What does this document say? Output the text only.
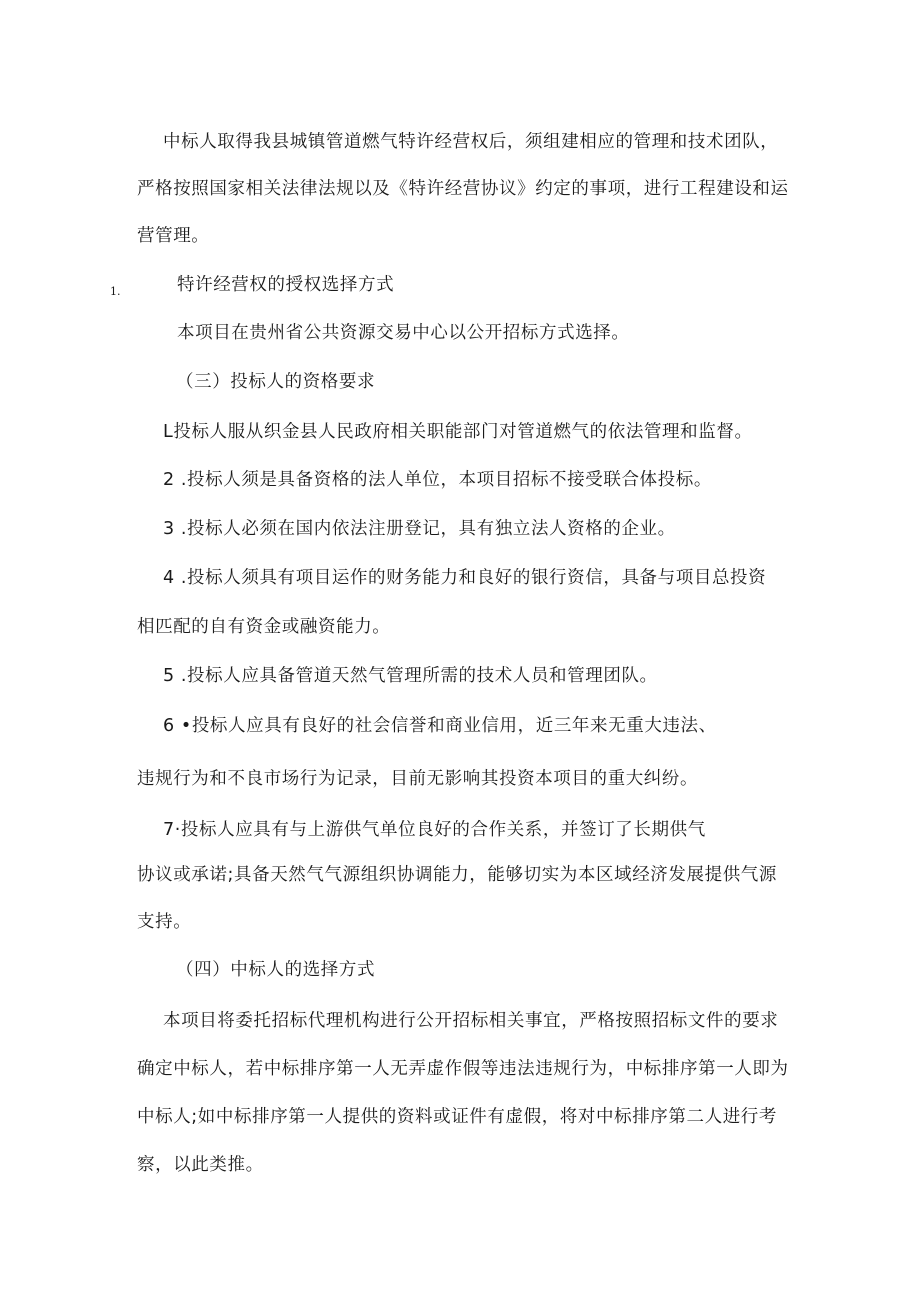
中标人取得我县城镇管道燃气特许经营权后，须组建相应的管理和技术团队，
严格按照国家相关法律法规以及《特许经营协议》约定的事项，进行工程建设和运
营管理。
1.	特许经营权的授权选择方式
本项目在贵州省公共资源交易中心以公开招标方式选择。
（三）投标人的资格要求
L投标人服从织金县人民政府相关职能部门对管道燃气的依法管理和监督。
2 .投标人须是具备资格的法人单位，本项目招标不接受联合体投标。
3 .投标人必须在国内依法注册登记，具有独立法人资格的企业。
4 .投标人须具有项目运作的财务能力和良好的银行资信，具备与项目总投资
相匹配的自有资金或融资能力。
5 .投标人应具备管道天然气管理所需的技术人员和管理团队。
6 •投标人应具有良好的社会信誉和商业信用，近三年来无重大违法、
违规行为和不良市场行为记录，目前无影响其投资本项目的重大纠纷。
7·投标人应具有与上游供气单位良好的合作关系，并签订了长期供气
协议或承诺;具备天然气气源组织协调能力，能够切实为本区域经济发展提供气源
支持。
（四）中标人的选择方式
本项目将委托招标代理机构进行公开招标相关事宜，严格按照招标文件的要求
确定中标人，若中标排序第一人无弄虚作假等违法违规行为，中标排序第一人即为
中标人;如中标排序第一人提供的资料或证件有虚假，将对中标排序第二人进行考
察，以此类推。
